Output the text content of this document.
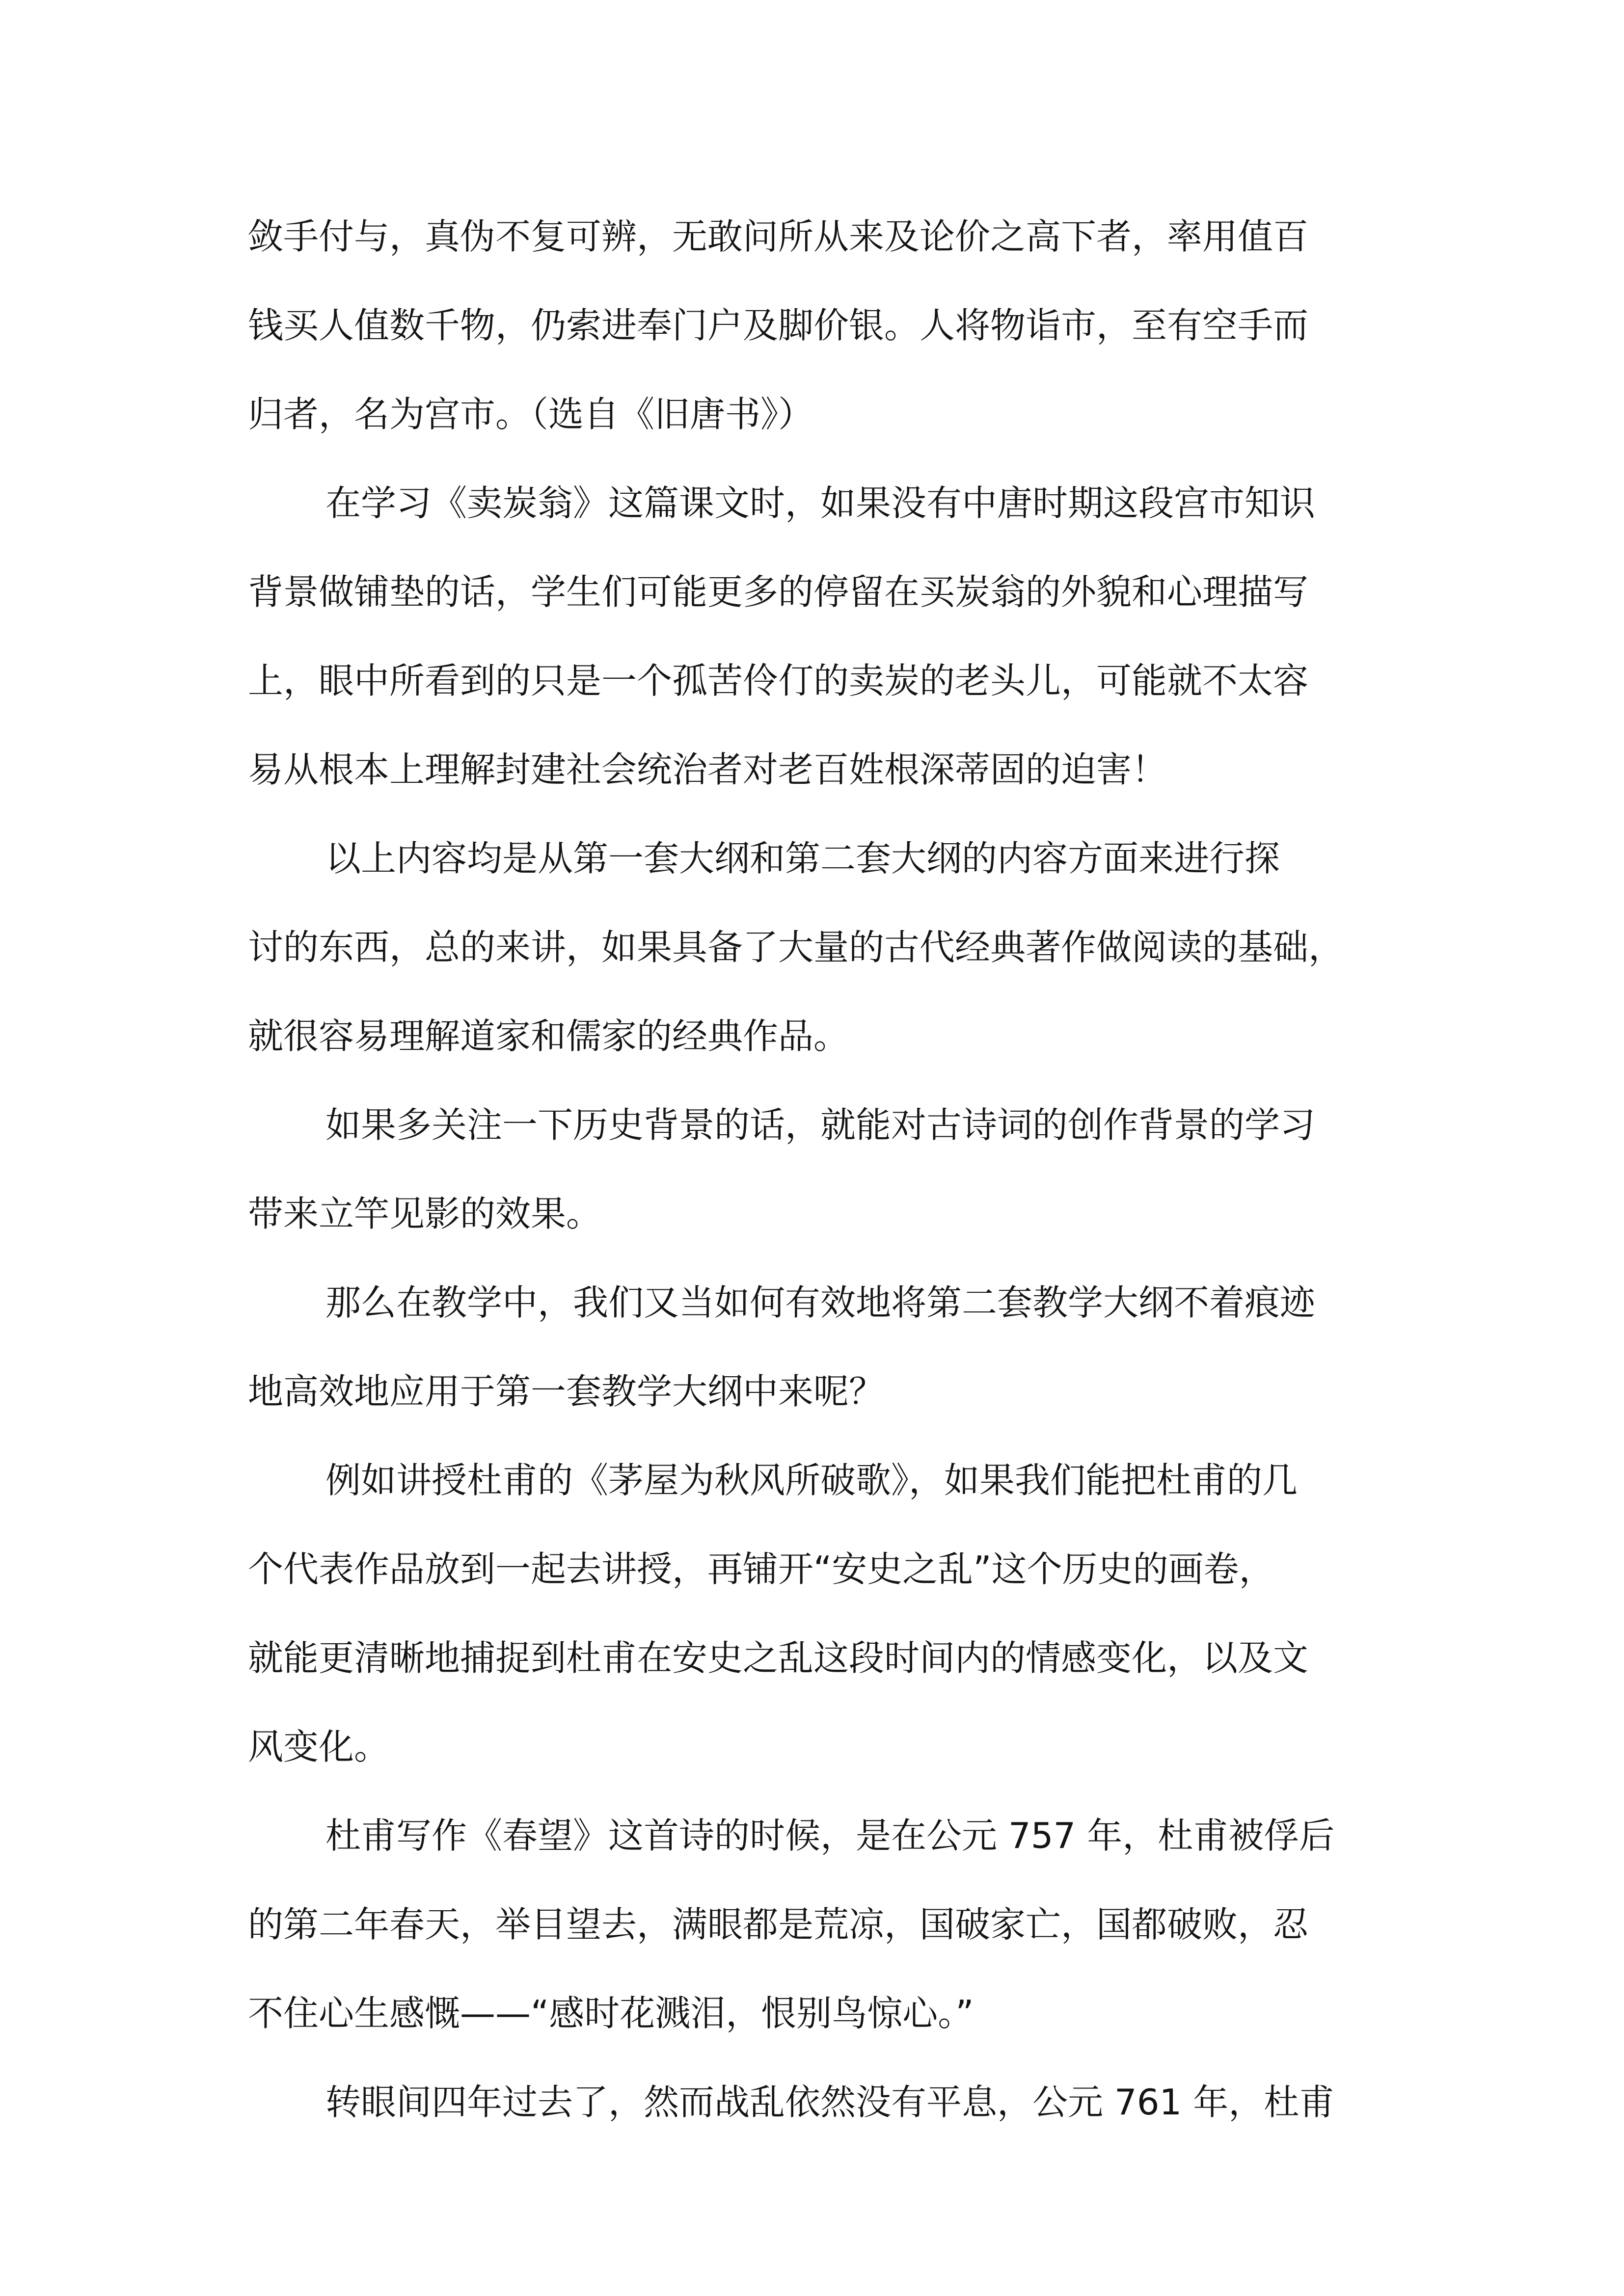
敛手付与，真伪不复可辨，无敢问所从来及论价之高下者，率用值百
钱买人值数千物，仍索进奉门户及脚价银。人将物诣市，至有空手而
归者，名为宫市。（选自《旧唐书》）
在学习《卖炭翁》这篇课文时，如果没有中唐时期这段宫市知识
背景做铺垫的话，学生们可能更多的停留在买炭翁的外貌和心理描写
上，眼中所看到的只是一个孤苦伶仃的卖炭的老头儿，可能就不太容
易从根本上理解封建社会统治者对老百姓根深蒂固的迫害！
以上内容均是从第一套大纲和第二套大纲的内容方面来进行探
讨的东西，总的来讲，如果具备了大量的古代经典著作做阅读的基础，
就很容易理解道家和儒家的经典作品。
如果多关注一下历史背景的话，就能对古诗词的创作背景的学习
带来立竿见影的效果。
那么在教学中，我们又当如何有效地将第二套教学大纲不着痕迹
地高效地应用于第一套教学大纲中来呢？
例如讲授杜甫的《茅屋为秋风所破歌》，如果我们能把杜甫的几
个代表作品放到一起去讲授，再铺开“安史之乱”这个历史的画卷，
就能更清晰地捕捉到杜甫在安史之乱这段时间内的情感变化，以及文
风变化。
杜甫写作《春望》这首诗的时候，是在公元 757 年，杜甫被俘后
的第二年春天，举目望去，满眼都是荒凉，国破家亡，国都破败，忍
不住心生感慨——“感时花溅泪，恨别鸟惊心。”
转眼间四年过去了，然而战乱依然没有平息，公元 761 年，杜甫
